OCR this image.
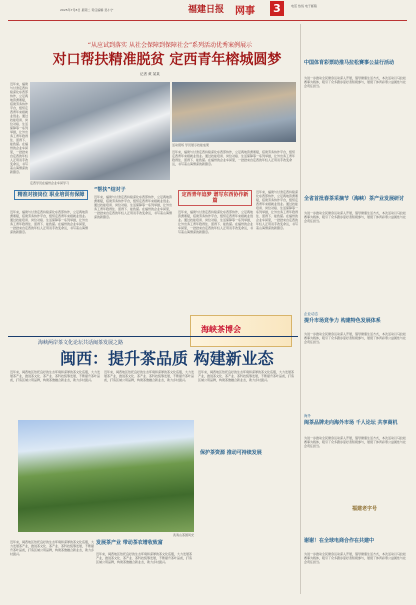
2025年7月8日 星期二 责任编辑 吴小宁	福建日报 网事 3	电话 热线 电子邮箱
“从应试到落实 从社会保障到保障社会”系列活动优秀案例展示
对口帮扶精准脱贫 定西青年榕城圆梦
记者 黄 某某
定西学员在福州企业车间学习
活动现场 学员展示技能成果
近年来，福建与甘肃定西持续深化东西部协作，立足两地资源禀赋，搭建劳务协作平台，组织定西青年来榕就业创业。通过技能培训、岗位对接、生活保障等一系列举措，让外出务工青年稳得住、留得下、能致富。在福州的企业车间里，一批批来自定西的年轻人正用双手改变命运，书写着山海情深的新篇章。
近年来，福建与甘肃定西持续深化东西部协作，立足两地资源禀赋，搭建劳务协作平台，组织定西青年来榕就业创业。通过技能培训、岗位对接、生活保障等一系列举措，让外出务工青年稳得住、留得下、能致富。在福州的企业车间里，一批批来自定西的年轻人正用双手改变命运，书写着山海情深的新篇章。
精准对接岗位 职业培训有保障
近年来，福建与甘肃定西持续深化东西部协作，立足两地资源禀赋，搭建劳务协作平台，组织定西青年来榕就业创业。通过技能培训、岗位对接、生活保障等一系列举措，让外出务工青年稳得住、留得下、能致富。在福州的企业车间里，一批批来自定西的年轻人正用双手改变命运，书写着山海情深的新篇章。
“帮扶”结对子
近年来，福建与甘肃定西持续深化东西部协作，立足两地资源禀赋，搭建劳务协作平台，组织定西青年来榕就业创业。通过技能培训、岗位对接、生活保障等一系列举措，让外出务工青年稳得住、留得下、能致富。在福州的企业车间里，一批批来自定西的年轻人正用双手改变命运，书写着山海情深的新篇章。
定西青年追梦 谱写东西协作新篇
近年来，福建与甘肃定西持续深化东西部协作，立足两地资源禀赋，搭建劳务协作平台，组织定西青年来榕就业创业。通过技能培训、岗位对接、生活保障等一系列举措，让外出务工青年稳得住、留得下、能致富。在福州的企业车间里，一批批来自定西的年轻人正用双手改变命运，书写着山海情深的新篇章。
近年来，福建与甘肃定西持续深化东西部协作，立足两地资源禀赋，搭建劳务协作平台，组织定西青年来榕就业创业。通过技能培训、岗位对接、生活保障等一系列举措，让外出务工青年稳得住、留得下、能致富。在福州的企业车间里，一批批来自定西的年轻人正用双手改变命运，书写着山海情深的新篇章。
海峡茶博会
中国体育彩票助推马拉松赛事公益行活动
为进一步推动全民健身运动深入开展，倡导健康生活方式，本次活动以马拉松赛事为载体，吸引了众多跑步爱好者积极参与，展现了体育彩票公益属性与社会责任担当。
全省首批春茶采摘节（海峡）茶产业发展研讨
为进一步推动全民健身运动深入开展，倡导健康生活方式，本次活动以马拉松赛事为载体，吸引了众多跑步爱好者积极参与，展现了体育彩票公益属性与社会责任担当。
企业动态
提升市场竞争力 构建特色发展体系
为进一步推动全民健身运动深入开展，倡导健康生活方式，本次活动以马拉松赛事为载体，吸引了众多跑步爱好者积极参与，展现了体育彩票公益属性与社会责任担当。
海外
闽茶品牌走向海外市场 千人论坛 共享商机
为进一步推动全民健身运动深入开展，倡导健康生活方式，本次活动以马拉松赛事为载体，吸引了众多跑步爱好者积极参与，展现了体育彩票公益属性与社会责任担当。
福建老字号
谢谢！在全球电商合作在共建中
为进一步推动全民健身运动深入开展，倡导健康生活方式，本次活动以马拉松赛事为载体，吸引了众多跑步爱好者积极参与，展现了体育彩票公益属性与社会责任担当。
海峡两岸茶文化论坛共话闽茶发展之路
闽西：提升茶品质 构建新业态
近年来，闽西地区依托良好的生态环境和深厚的茶文化底蕴，大力发展茶产业，推进茶文化、茶产业、茶科技统筹发展，不断提升茶叶品质，打造区域公用品牌，构建茶旅融合新业态，助力乡村振兴。
近年来，闽西地区依托良好的生态环境和深厚的茶文化底蕴，大力发展茶产业，推进茶文化、茶产业、茶科技统筹发展，不断提升茶叶品质，打造区域公用品牌，构建茶旅融合新业态，助力乡村振兴。
近年来，闽西地区依托良好的生态环境和深厚的茶文化底蕴，大力发展茶产业，推进茶文化、茶产业、茶科技统筹发展，不断提升茶叶品质，打造区域公用品牌，构建茶旅融合新业态，助力乡村振兴。
武夷山茶园风光
发展茶产业 带动茶农增收致富
近年来，闽西地区依托良好的生态环境和深厚的茶文化底蕴，大力发展茶产业，推进茶文化、茶产业、茶科技统筹发展，不断提升茶叶品质，打造区域公用品牌，构建茶旅融合新业态，助力乡村振兴。	近年来，闽西地区依托良好的生态环境和深厚的茶文化底蕴，大力发展茶产业，推进茶文化、茶产业、茶科技统筹发展，不断提升茶叶品质，打造区域公用品牌，构建茶旅融合新业态，助力乡村振兴。
保护茶资源 推动可持续发展
